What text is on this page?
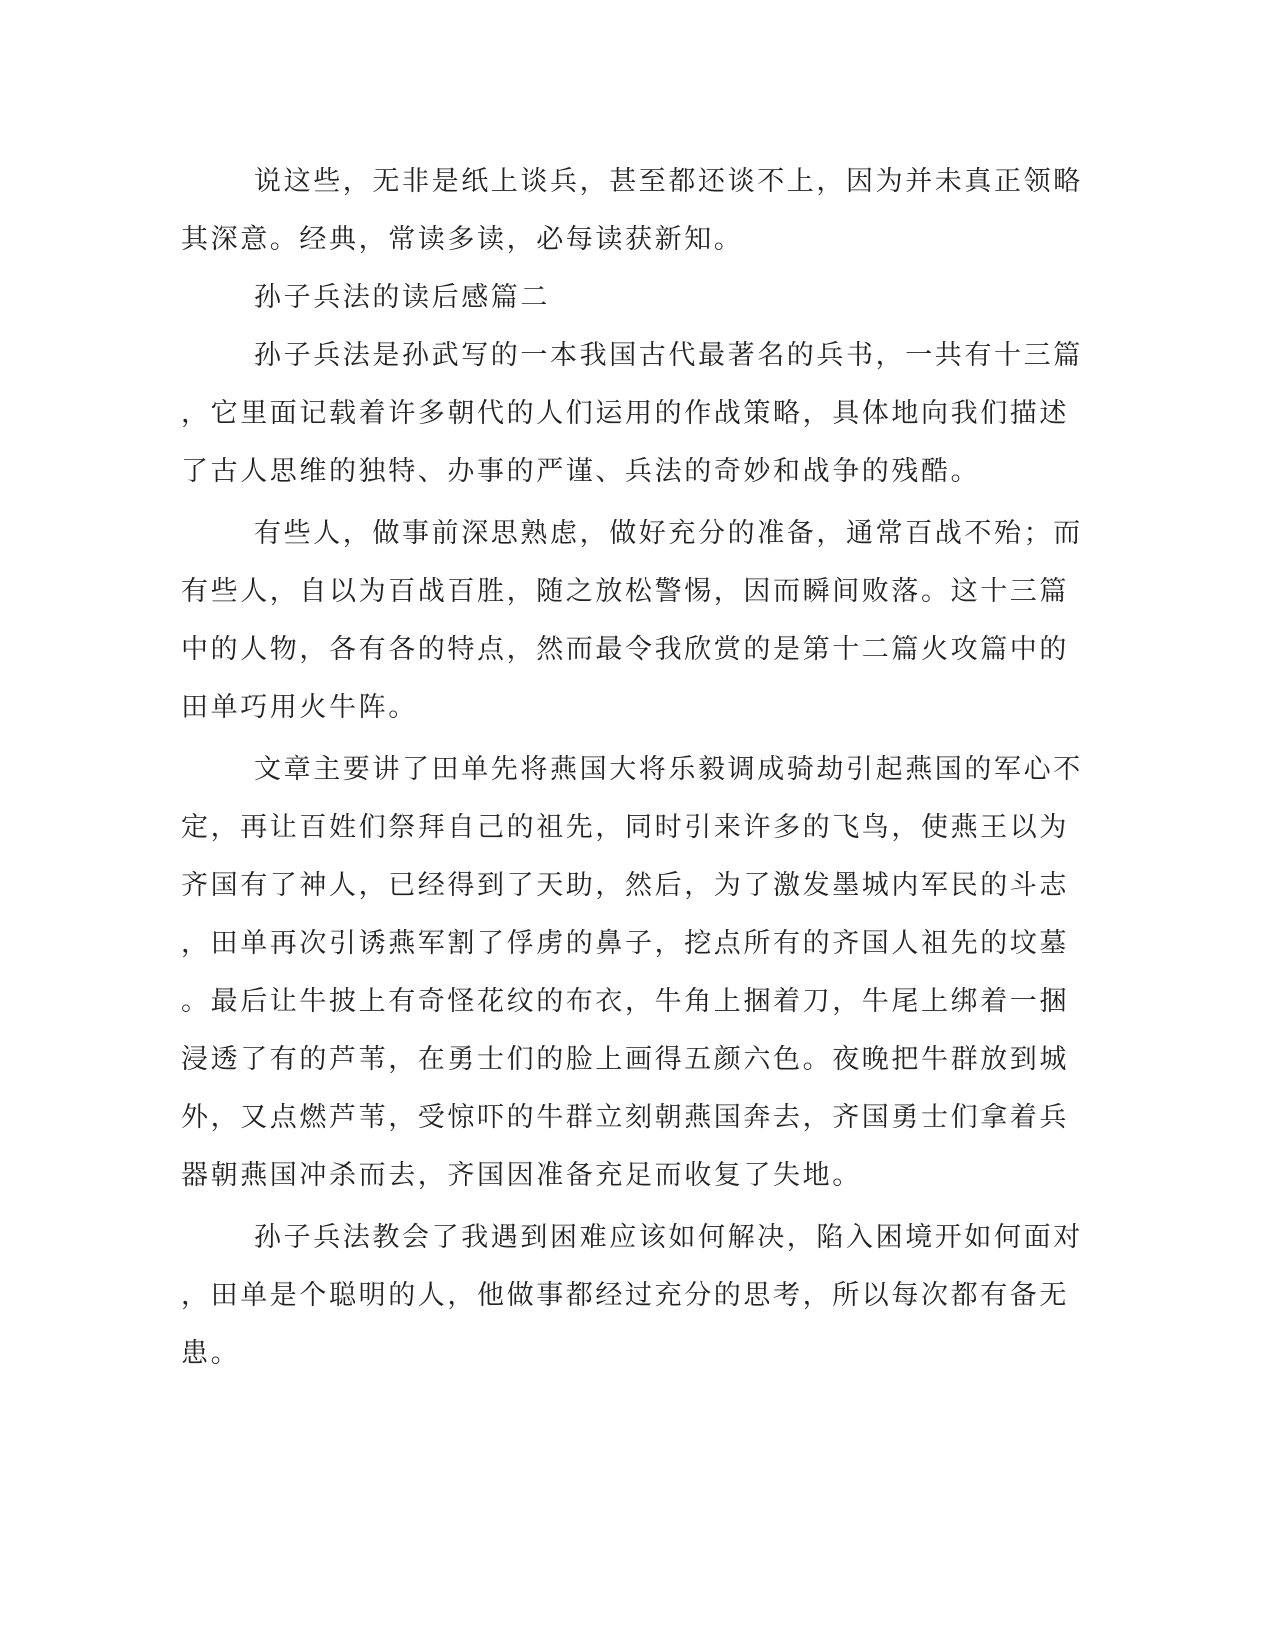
说这些，无非是纸上谈兵，甚至都还谈不上，因为并未真正领略

其深意。经典，常读多读，必每读获新知。

孙子兵法的读后感篇二

孙子兵法是孙武写的一本我国古代最著名的兵书，一共有十三篇

，它里面记载着许多朝代的人们运用的作战策略，具体地向我们描述

了古人思维的独特、办事的严谨、兵法的奇妙和战争的残酷。

有些人，做事前深思熟虑，做好充分的准备，通常百战不殆；而

有些人，自以为百战百胜，随之放松警惕，因而瞬间败落。这十三篇

中的人物，各有各的特点，然而最令我欣赏的是第十二篇火攻篇中的

田单巧用火牛阵。

文章主要讲了田单先将燕国大将乐毅调成骑劫引起燕国的军心不

定，再让百姓们祭拜自己的祖先，同时引来许多的飞鸟，使燕王以为

齐国有了神人，已经得到了天助，然后，为了激发墨城内军民的斗志

，田单再次引诱燕军割了俘虏的鼻子，挖点所有的齐国人祖先的坟墓

。最后让牛披上有奇怪花纹的布衣，牛角上捆着刀，牛尾上绑着一捆

浸透了有的芦苇，在勇士们的脸上画得五颜六色。夜晚把牛群放到城

外，又点燃芦苇，受惊吓的牛群立刻朝燕国奔去，齐国勇士们拿着兵

器朝燕国冲杀而去，齐国因准备充足而收复了失地。

孙子兵法教会了我遇到困难应该如何解决，陷入困境开如何面对

，田单是个聪明的人，他做事都经过充分的思考，所以每次都有备无

患。
